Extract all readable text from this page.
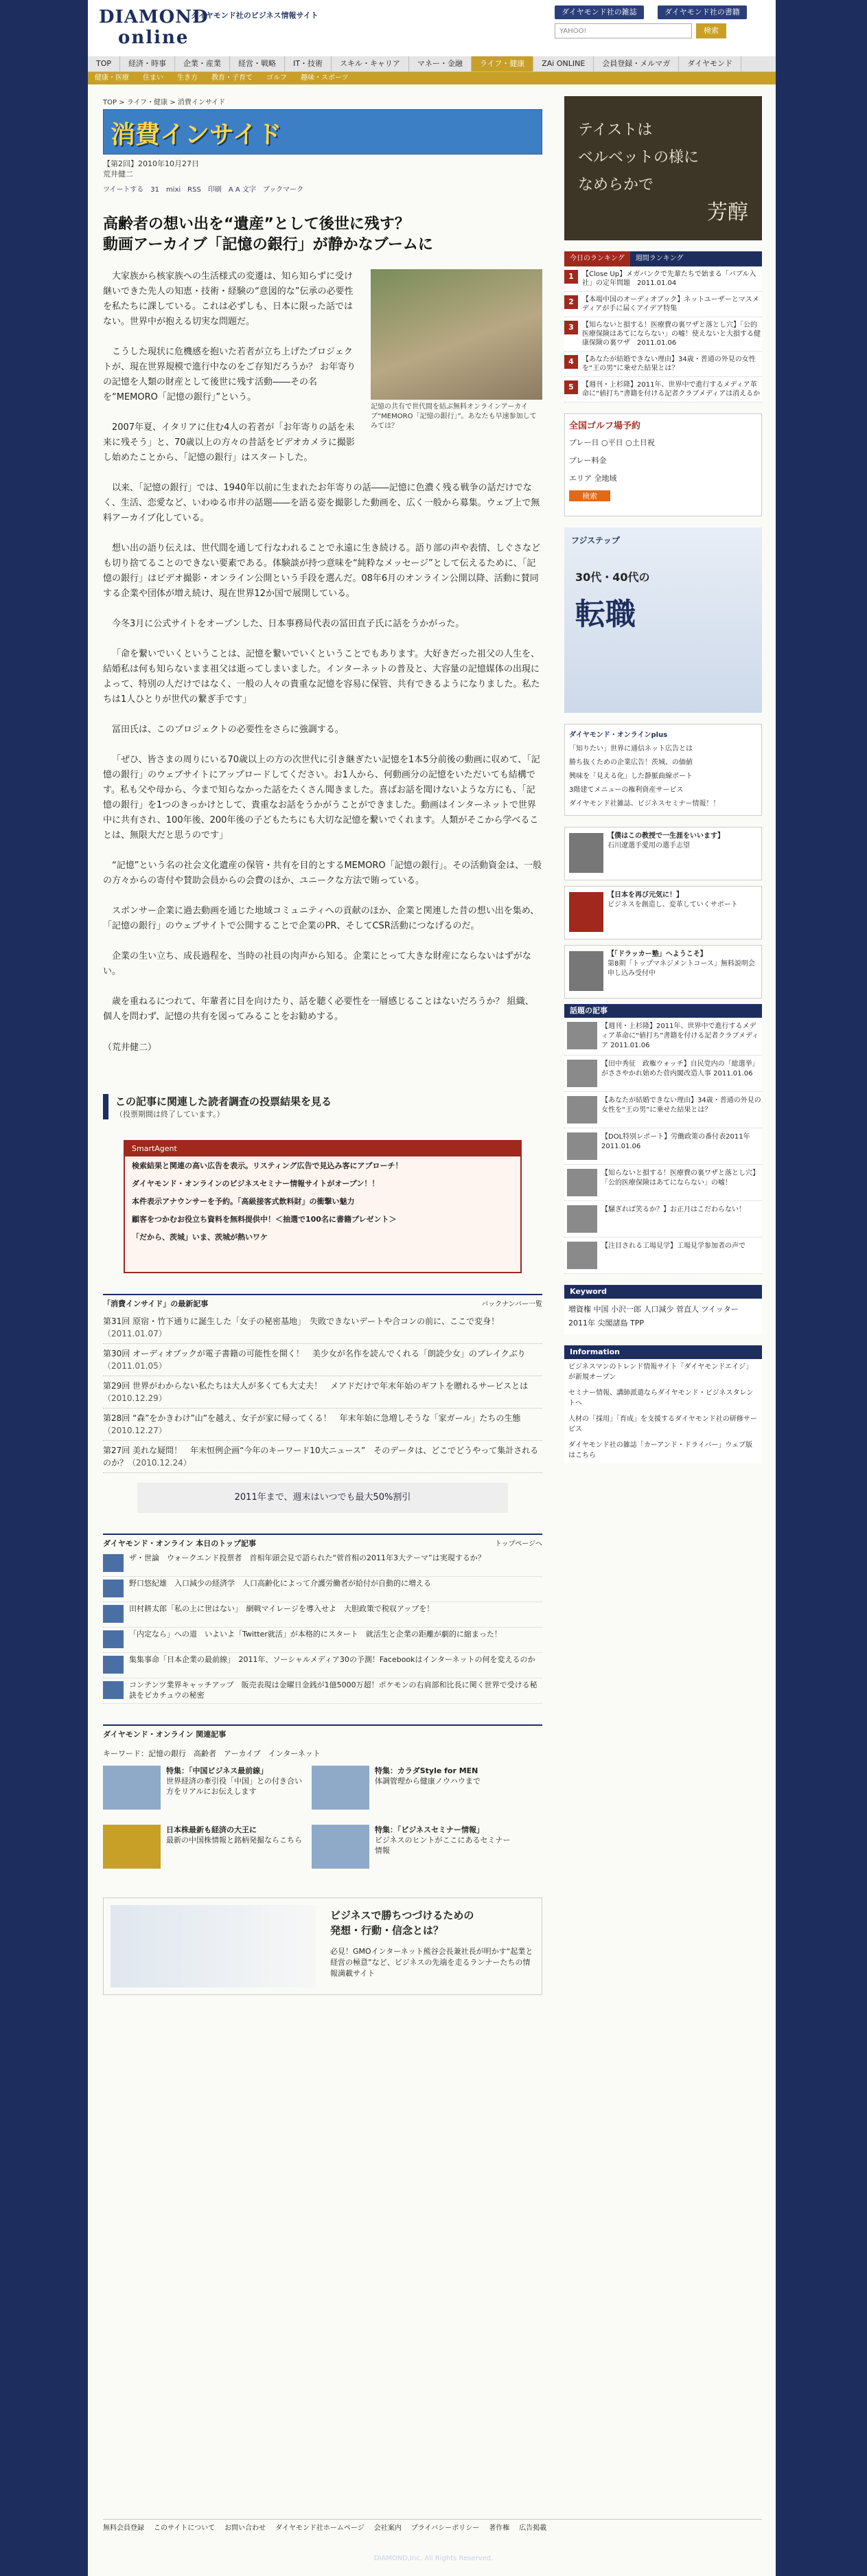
DIAMOND
online
ダイヤモンド社のビジネス情報サイト	ダイヤモンド社の雑誌	ダイヤモンド社の書籍
YAHOO!	検索
TOP 経済・時事 企業・産業 経営・戦略 IT・技術 スキル・キャリア マネー・金融 ライフ・健康 ZAi ONLINE 会員登録・メルマガ ダイヤモンド
健康・医療 住まい 生き方 教育・子育て ゴルフ 趣味・スポーツ
TOP > ライフ・健康 > 消費インサイド
消費インサイド
【第2回】2010年10月27日
荒井健二
ツイートする 31 mixi RSS 印刷 A A 文字 ブックマーク
高齢者の想い出を“遺産”として後世に残す？
動画アーカイブ「記憶の銀行」が静かなブームに
記憶の共有で世代間を結ぶ無料オンラインアーカイブ“MEMORO「記憶の銀行」”。あなたも早速参加してみては？

大家族から核家族への生活様式の変遷は、知ら知らずに受け継いできた先人の知恵・技術・経験の“意図的な”伝承の必要性を私たちに課している。これは必ずしも、日本に限った話ではない。世界中が抱える切実な問題だ。

こうした現状に危機感を抱いた若者が立ち上げたプロジェクトが、現在世界規模で進行中なのをご存知だろうか？ お年寄りの記憶を人類の財産として後世に残す活動――その名を“MEMORO「記憶の銀行」”という。

2007年夏、イタリアに住む4人の若者が「お年寄りの話を未来に残そう」と、70歳以上の方々の昔話をビデオカメラに撮影し始めたことから、「記憶の銀行」はスタートした。

以来、「記憶の銀行」では、1940年以前に生まれたお年寄りの話――記憶に色濃く残る戦争の話だけでなく、生活、恋愛など、いわゆる市井の話題――を語る姿を撮影した動画を、広く一般から募集。ウェブ上で無料アーカイブ化している。

想い出の語り伝えは、世代間を通して行なわれることで永遠に生き続ける。語り部の声や表情、しぐさなども切り捨てることのできない要素である。体験談が持つ意味を“純粋なメッセージ”として伝えるために、「記憶の銀行」はビデオ撮影・オンライン公開という手段を選んだ。08年6月のオンライン公開以降、活動に賛同する企業や団体が増え続け、現在世界12か国で展開している。

今冬3月に公式サイトをオープンした、日本事務局代表の冨田直子氏に話をうかがった。

「命を繋いでいくということは、記憶を繋いでいくということでもあります。大好きだった祖父の人生を、結婚私は何も知らないまま祖父は逝ってしまいました。インターネットの普及と、大容量の記憶媒体の出現によって、特別の人だけではなく、一般の人々の貴重な記憶を容易に保管、共有できるようになりました。私たちは1人ひとりが世代の繋ぎ手です」

冨田氏は、このプロジェクトの必要性をさらに強調する。

「ぜひ、皆さまの周りにいる70歳以上の方の次世代に引き継ぎたい記憶を1本5分前後の動画に収めて、「記憶の銀行」のウェブサイトにアップロードしてください。お1人から、何動画分の記憶をいただいても結構です。私も父や母から、今まで知らなかった話をたくさん聞きました。喜ばお話を聞けないような方にも、「記憶の銀行」を1つのきっかけとして、貴重なお話をうかがうことができました。動画はインターネットで世界中に共有され、100年後、200年後の子どもたちにも大切な記憶を繋いでくれます。人類がそこから学べることは、無限大だと思うのです」

“記憶”という名の社会文化遺産の保管・共有を目的とするMEMORO「記憶の銀行」。その活動資金は、一般の方々からの寄付や賛助会員からの会費のほか、ユニークな方法で賄っている。

スポンサー企業に過去動画を通じた地域コミュニティへの貢献のほか、企業と関連した昔の想い出を集め、「記憶の銀行」のウェブサイトで公開することで企業のPR、そしてCSR活動につなげるのだ。

企業の生い立ち、成長過程を、当時の社員の肉声から知る。企業にとって大きな財産にならないはずがない。

歳を重ねるにつれて、年輩者に目を向けたり、話を聴く必要性を一層感じることはないだろうか？ 組織、個人を問わず、記憶の共有を図ってみることをお勧めする。

（荒井健二）
この記事に関連した読者調査の投票結果を見る
（投票期間は終了しています。）
SmartAgent
検索結果と関連の高い広告を表示。リスティング広告で見込み客にアプローチ！
ダイヤモンド・オンラインのビジネスセミナー情報サイトがオープン！！
本件表示アナウンサーを予約。「高級接客式飲料財」の衝撃い魅力
顧客をつかむお役立ち資料を無料提供中！＜抽選で100名に書籍プレゼント＞
「だから、茨城」いま、茨城が熱いワケ
「消費インサイド」の最新記事	バックナンバー一覧
第31回 原宿・竹下通りに誕生した「女子の秘密基地」　失敗できないデートや合コンの前に、ここで変身！（2011.01.07）
第30回 オーディオブックが電子書籍の可能性を開く！　美少女が名作を読んでくれる「朗読少女」のブレイクぶり（2011.01.05）
第29回 世界がわからない私たちは大人が多くても大丈夫！　メアドだけで年末年始のギフトを贈れるサービスとは（2010.12.29）
第28回 “森”をかきわけ”山”を越え、女子が家に帰ってくる！　年末年始に急増しそうな「家ガール」たちの生態（2010.12.27）
第27回 美れな疑問！　年末恒例企画“今年のキーワード10大ニュース”　そのデータは、どこでどうやって集計されるのか？（2010.12.24）
2011年まで、週末はいつでも最大50%割引
ダイヤモンド・オンライン 本日のトップ記事	トップページへ
ザ・世論　ウォークエンド投票者　首相年頭会見で語られた“菅首相の2011年3大テーマ”は実現するか？
野口悠紀雄　入口減少の経済学　人口高齢化によって介護労働者が給付が自動的に増える
田村耕太郎「私の上に世はない」　網戦マイレージを導入せよ　大胆政策で税収アップを！
「内定なら」への道　いよいよ「Twitter就活」が本格的にスタート　就活生と企業の距離が劇的に縮まった！
集集事命「日本企業の最前線」　2011年、ソーシャルメディア30の予測！Facebookはインターネットの何を変えるのか
コンテンツ業界キャッチアップ　販売表現は金曜日金銭が1億5000万超！ポケモンの右肩部和比長に関く世界で受ける秘訣をピカチュウの秘密
ダイヤモンド・オンライン 関連記事
キーワード：記憶の銀行　高齢者　アーカイブ　インターネット
特集：「中国ビジネス最前線」
世界経済の牽引役「中国」との付き合い方をリアルにお伝えします

特集：カラダStyle for MEN
体調管理から健康ノウハウまで

日本株最新も経済の大王に
最新の中国株情報と銘柄発掘ならこちら

特集：「ビジネスセミナー情報」
ビジネスのヒントがここにあるセミナー情報
ビジネスで勝ちつづけるための
発想・行動・信念とは？
必見！GMOインターネット熊谷会長兼社長が明かす“起業と経営の極意”など、ビジネスの先端を走るランナーたちの情報満載サイト
テイストは
ベルベットの様に
なめらかで
芳醇
今日のランキング 週間ランキング
1	【Close Up】メガバンクで先輩たちで始まる「バブル入社」の定年問題　2011.01.04
2	【本場中国のオーディオブック】ネットユーザーとマスメディアが手に届くアイデア特集
3	【知らないと損する！医療費の裏ワザと落とし穴】「公的医療保険はあてにならない」の嘘！使えないと大損する健康保険の裏ワザ　2011.01.06
4	【あなたが結婚できない理由】34歳・普通の外見の女性を“王の男”に乗せた結果とは？
5	【週刊・上杉隆】2011年、世界中で進行するメディア革命に“値打ち”書籍を付ける記者クラブメディアは消えるか
全国ゴルフ場予約
プレー日 ○平日 ○土日祝
プレー料金
エリア 全地域
検索
フジステップ
30代・40代の
転職
ダイヤモンド・オンラインplus
「知りたい」世界に通信ネット広告とは
勝ち抜くための企業広告！茨城、の価値
興味を「見える化」した静脈曲線ポート
3階建てメニューの権利資産サービス
ダイヤモンド社雑誌、ビジネスセミナー情報！！
【僕はこの教授で一生涯をいいます】
石川遼選手愛用の選手志望
【日本を再び元気に！】
ビジネスを創造し、変革していくサポート
【「ドラッカー塾」へようこそ】
第8期「トップマネジメントコース」無料説明会申し込み受付中
話題の記事
【週刊・上杉隆】2011年、世界中で進行するメディア革命に“値打ち”書籍を付ける記者クラブメディア 2011.01.06
【田中秀征　政権ウォッチ】自民党内の「総選挙」がささやかれ始めた菅内閣改造人事 2011.01.06
【あなたが結婚できない理由】34歳・普通の外見の女性を“王の男”に乗せた結果とは？
【DOL特別レポート】労働政策の番付表2011年 2011.01.06
【知らないと損する！医療費の裏ワザと落とし穴】「公的医療保険はあてにならない」の嘘！
【騒ぎれば笑るか？】お正月はこだわらない！
【注目される工場見学】工場見学参加者の声で
Keyword
増資権 中国 小沢一郎 人口減少 菅直人 ツイッター 2011年 尖閣諸島 TPP
Information
ビジネスマンのトレンド情報サイト「ダイヤモンドエイジ」が新規オープン
セミナー情報、講師派遣ならダイヤモンド・ビジネスタレントへ
人材の「採用」「育成」を支援するダイヤモンド社の研修サービス
ダイヤモンド社の雑誌「カーアンド・ドライバー」ウェブ版はこちら
無料会員登録 このサイトについて お問い合わせ ダイヤモンド社ホームページ 会社案内 プライバシーポリシー 著作権 広告掲載
DIAMOND,Inc. All Rights Reserved.
